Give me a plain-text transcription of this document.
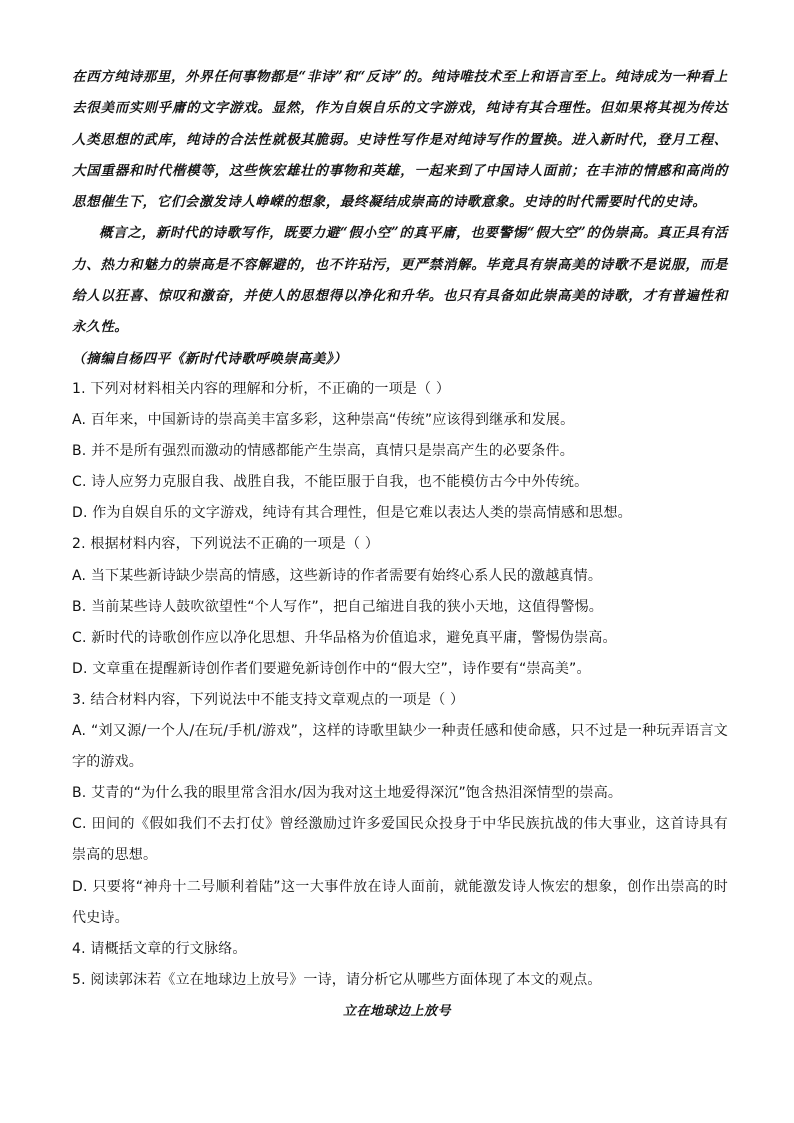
在西方纯诗那里，外界任何事物都是“非诗”和“反诗”的。纯诗唯技术至上和语言至上。纯诗成为一种看上去很美而实则乎庸的文字游戏。显然，作为自娱自乐的文字游戏，纯诗有其合理性。但如果将其视为传达人类思想的武库，纯诗的合法性就极其脆弱。史诗性写作是对纯诗写作的置换。进入新时代，登月工程、大国重器和时代楷模等，这些恢宏雄壮的事物和英雄，一起来到了中国诗人面前；在丰沛的情感和高尚的思想催生下，它们会激发诗人峥嵘的想象，最终凝结成崇高的诗歌意象。史诗的时代需要时代的史诗。

概言之，新时代的诗歌写作，既要力避“假小空”的真平庸，也要警惕“假大空”的伪崇高。真正具有活力、热力和魅力的崇高是不容解避的，也不许玷污，更严禁消解。毕竟具有崇高美的诗歌不是说服，而是给人以狂喜、惊叹和激奋，并使人的思想得以净化和升华。也只有具备如此崇高美的诗歌，才有普遍性和永久性。

（摘编自杨四平《新时代诗歌呼唤崇高美》）

1. 下列对材料相关内容的理解和分析，不正确的一项是（ ）

A. 百年来，中国新诗的崇高美丰富多彩，这种崇高“传统”应该得到继承和发展。

B. 并不是所有强烈而激动的情感都能产生崇高，真情只是崇高产生的必要条件。

C. 诗人应努力克服自我、战胜自我，不能臣服于自我，也不能模仿古今中外传统。

D. 作为自娱自乐的文字游戏，纯诗有其合理性，但是它难以表达人类的崇高情感和思想。

2. 根据材料内容，下列说法不正确的一项是（ ）

A. 当下某些新诗缺少崇高的情感，这些新诗的作者需要有始终心系人民的激越真情。

B. 当前某些诗人鼓吹欲望性“个人写作”，把自己缩进自我的狭小天地，这值得警惕。

C. 新时代的诗歌创作应以净化思想、升华品格为价值追求，避免真平庸，警惕伪崇高。

D. 文章重在提醒新诗创作者们要避免新诗创作中的“假大空”，诗作要有“崇高美”。

3. 结合材料内容，下列说法中不能支持文章观点的一项是（ ）

A. “刘又源/一个人/在玩/手机/游戏”，这样的诗歌里缺少一种责任感和使命感，只不过是一种玩弄语言文字的游戏。

B. 艾青的“为什么我的眼里常含泪水/因为我对这土地爱得深沉”饱含热泪深情型的崇高。

C. 田间的《假如我们不去打仗》曾经激励过许多爱国民众投身于中华民族抗战的伟大事业，这首诗具有崇高的思想。

D. 只要将“神舟十二号顺利着陆”这一大事件放在诗人面前，就能激发诗人恢宏的想象，创作出崇高的时代史诗。

4. 请概括文章的行文脉络。

5. 阅读郭沫若《立在地球边上放号》一诗，请分析它从哪些方面体现了本文的观点。

立在地球边上放号
